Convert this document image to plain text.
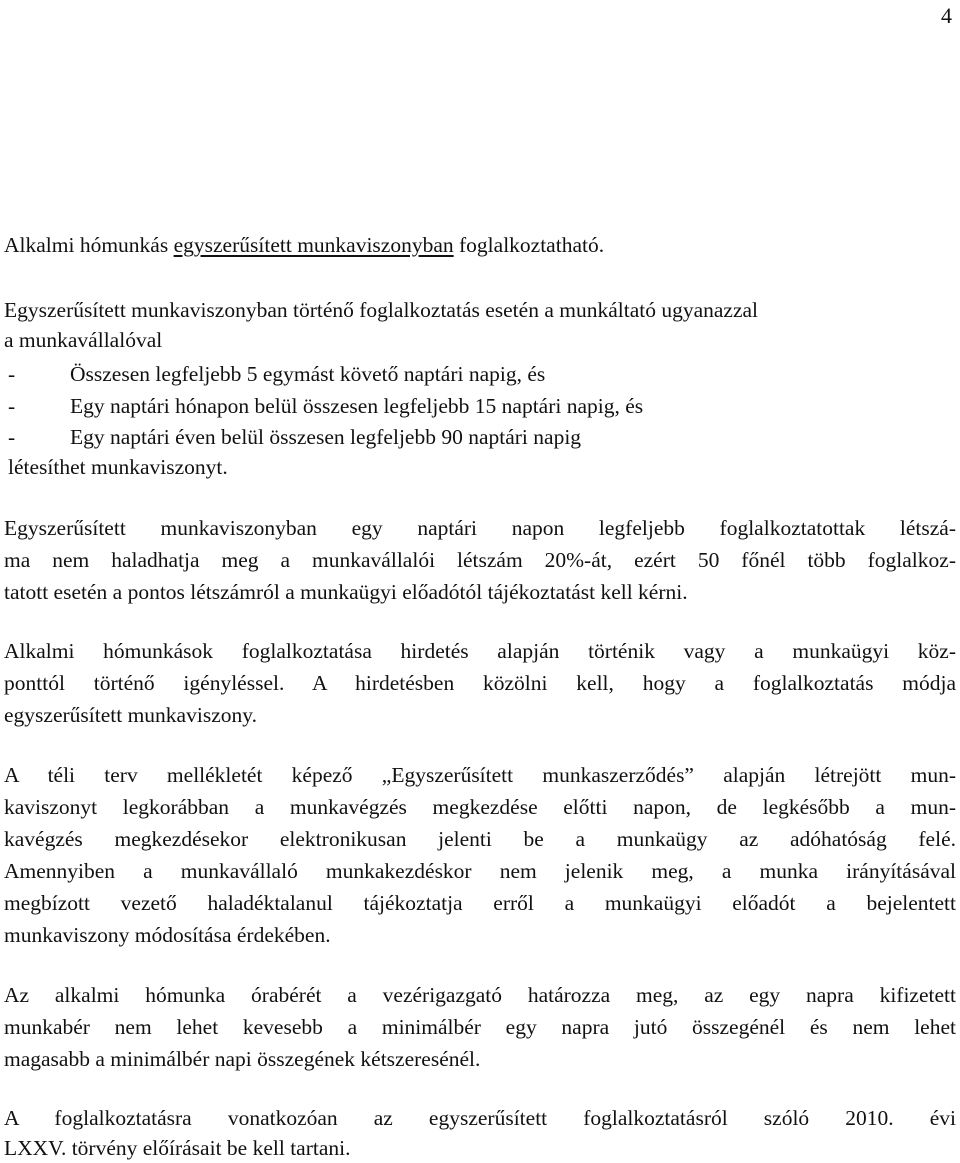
4
Alkalmi hómunkás egyszerűsített munkaviszonyban foglalkoztatható.
Egyszerűsített munkaviszonyban történő foglalkoztatás esetén a munkáltató ugyanazzal
a munkavállalóval
-	Összesen legfeljebb 5 egymást követő naptári napig, és
-	Egy naptári hónapon belül összesen legfeljebb 15 naptári napig, és
-	Egy naptári éven belül összesen legfeljebb 90 naptári napig
létesíthet munkaviszonyt.
Egyszerűsített munkaviszonyban egy naptári napon legfeljebb foglalkoztatottak létszá-
ma nem haladhatja meg a munkavállalói létszám 20%-át, ezért 50 főnél több foglalkoz-
tatott esetén a pontos létszámról a munkaügyi előadótól tájékoztatást kell kérni.
Alkalmi hómunkások foglalkoztatása hirdetés alapján történik vagy a munkaügyi köz-
ponttól történő igényléssel. A hirdetésben közölni kell, hogy a foglalkoztatás módja
egyszerűsített munkaviszony.
A téli terv mellékletét képező „Egyszerűsített munkaszerződés” alapján létrejött mun-
kaviszonyt legkorábban a munkavégzés megkezdése előtti napon, de legkésőbb a mun-
kavégzés megkezdésekor elektronikusan jelenti be a munkaügy az adóhatóság felé.
Amennyiben a munkavállaló munkakezdéskor nem jelenik meg, a munka irányításával
megbízott vezető haladéktalanul tájékoztatja erről a munkaügyi előadót a bejelentett
munkaviszony módosítása érdekében.
Az alkalmi hómunka órabérét a vezérigazgató határozza meg, az egy napra kifizetett
munkabér nem lehet kevesebb a minimálbér egy napra jutó összegénél és nem lehet
magasabb a minimálbér napi összegének kétszeresénél.
A foglalkoztatásra vonatkozóan az egyszerűsített foglalkoztatásról szóló 2010. évi
LXXV. törvény előírásait be kell tartani.
